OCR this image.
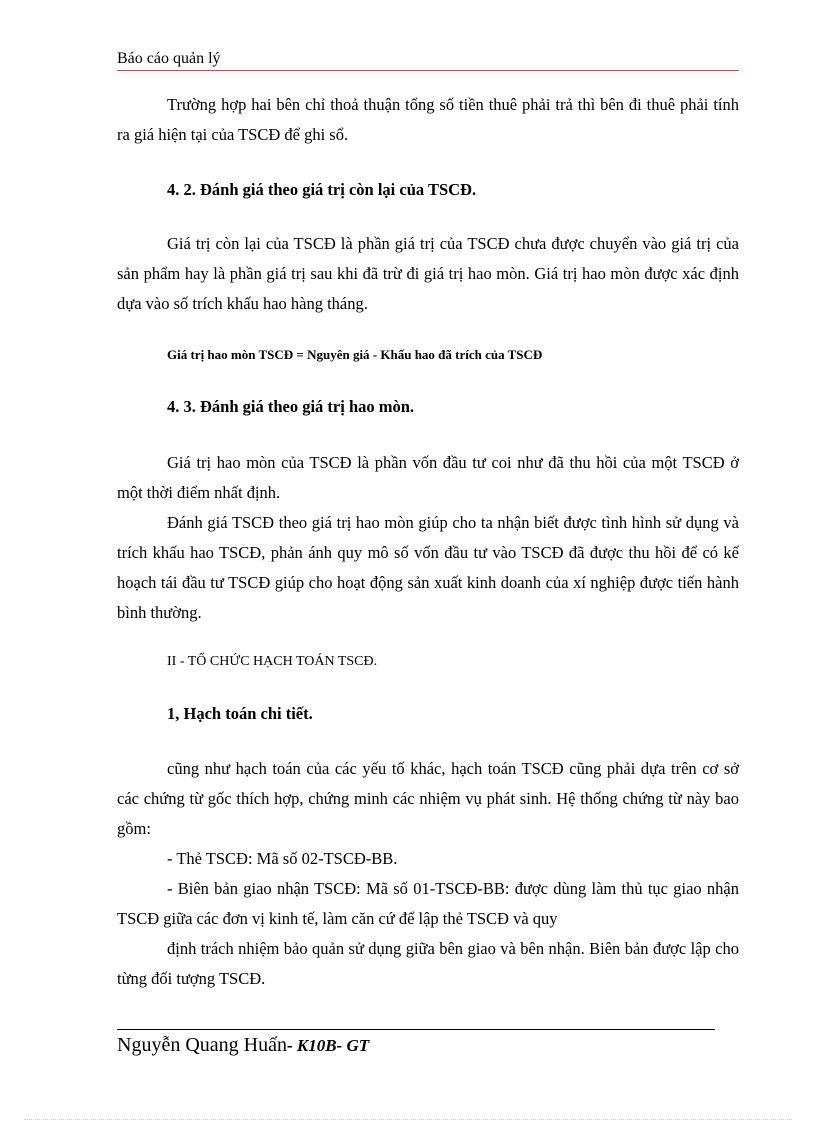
Báo cáo quản lý

Trường hợp hai bên chỉ thoả thuận tổng số tiền thuê phải trả thì bên đi thuê phải tính ra giá hiện tại của TSCĐ để ghi sổ.

4. 2. Đánh giá theo giá trị còn lại của TSCĐ.

Giá trị còn lại của TSCĐ là phần giá trị của TSCĐ chưa được chuyển vào giá trị của sản phẩm hay là phần giá trị sau khi đã trừ đi giá trị hao mòn. Giá trị hao mòn được xác định dựa vào số trích khấu hao hàng tháng.

Giá trị hao mòn TSCĐ = Nguyên giá - Khấu hao đã trích của TSCĐ

4. 3. Đánh giá theo giá trị hao mòn.

Giá trị hao mòn của TSCĐ là phần vốn đầu tư coi như đã thu hồi của một TSCĐ ở một thời điểm nhất định.

Đánh giá TSCĐ theo giá trị hao mòn giúp cho ta nhận biết được tình hình sử dụng và trích khấu hao TSCĐ, phản ánh quy mô số vốn đầu tư vào TSCĐ đã được thu hồi để có kế hoạch tái đầu tư TSCĐ giúp cho hoạt động sản xuất kinh doanh của xí nghiệp được tiến hành bình thường.

II - TỔ CHỨC HẠCH TOÁN TSCĐ.

1, Hạch toán chi tiết.

cũng như hạch toán của các yếu tố khác, hạch toán TSCĐ cũng phải dựa trên cơ sở các chứng từ gốc thích hợp, chứng minh các nhiệm vụ phát sinh. Hệ thống chứng từ này bao gồm:

- Thẻ TSCĐ: Mã số 02-TSCĐ-BB.

- Biên bản giao nhận TSCĐ: Mã số 01-TSCĐ-BB: được dùng làm thủ tục giao nhận TSCĐ giữa các đơn vị kinh tế, làm căn cứ để lập thẻ TSCĐ và quy

định trách nhiệm bảo quản sử dụng giữa bên giao và bên nhận. Biên bản được lập cho từng đối tượng TSCĐ.

Nguyễn Quang Huấn- K10B- GT
